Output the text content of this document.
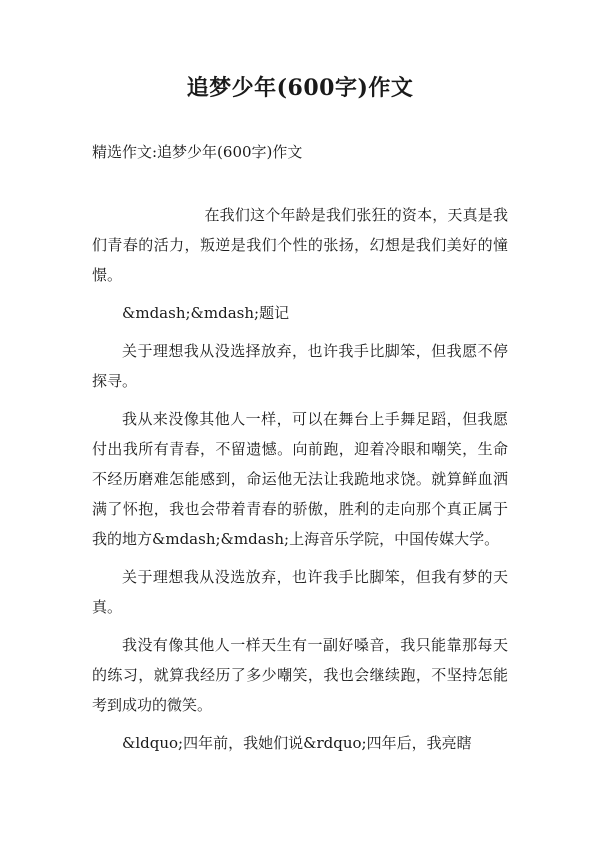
追梦少年(600字)作文
精选作文:追梦少年(600字)作文

在我们这个年龄是我们张狂的资本，天真是我们青春的活力，叛逆是我们个性的张扬，幻想是我们美好的憧憬。

&mdash;&mdash;题记

关于理想我从没选择放弃，也许我手比脚笨，但我愿不停探寻。

我从来没像其他人一样，可以在舞台上手舞足蹈，但我愿付出我所有青春，不留遗憾。向前跑，迎着冷眼和嘲笑，生命不经历磨难怎能感到，命运他无法让我跪地求饶。就算鲜血洒满了怀抱，我也会带着青春的骄傲，胜利的走向那个真正属于我的地方&mdash;&mdash;上海音乐学院，中国传媒大学。

关于理想我从没选放弃，也许我手比脚笨，但我有梦的天真。

我没有像其他人一样天生有一副好嗓音，我只能靠那每天的练习，就算我经历了多少嘲笑，我也会继续跑，不坚持怎能考到成功的微笑。

&ldquo;四年前，我她们说&rdquo;四年后，我亮瞎
